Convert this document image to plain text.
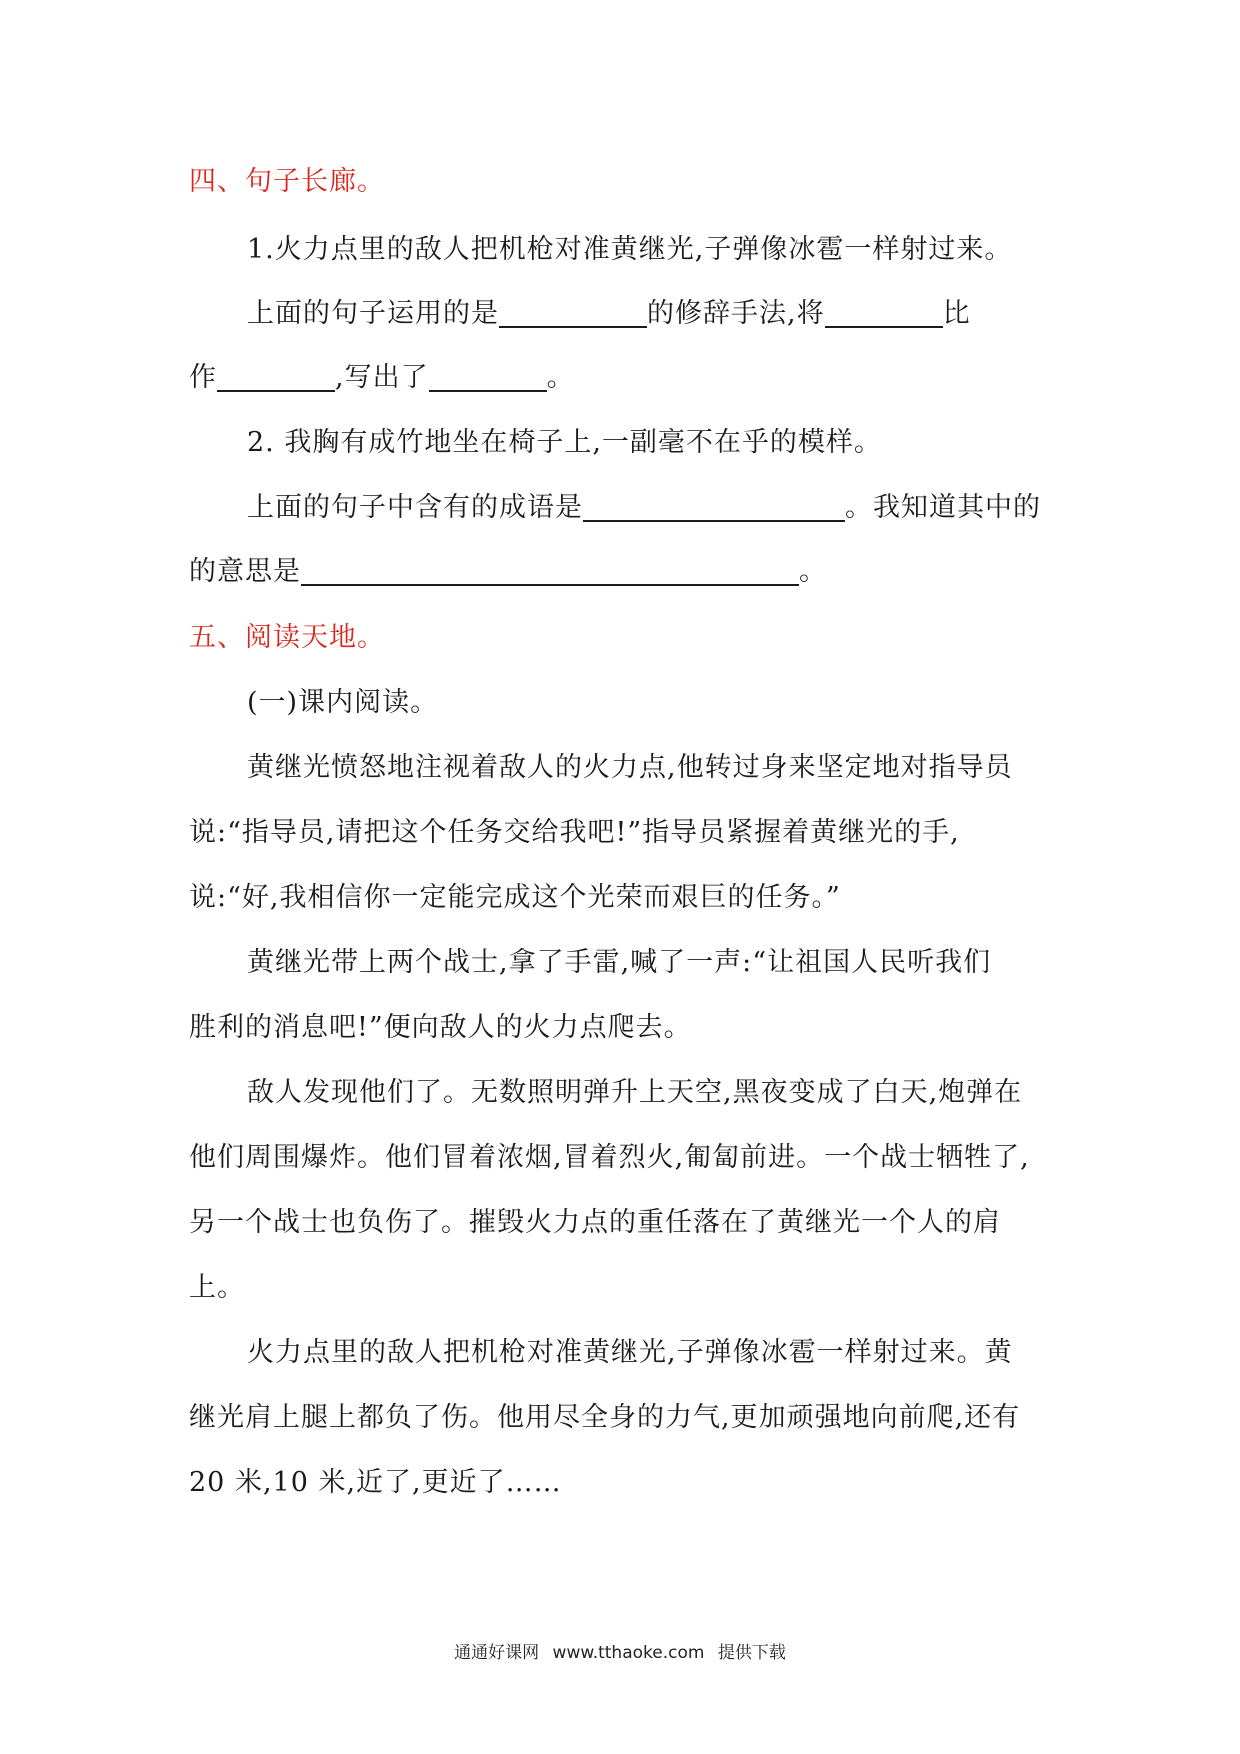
四、句子长廊。
1.火力点里的敌人把机枪对准黄继光,子弹像冰雹一样射过来。
上面的句子运用的是	的修辞手法,将	比
作	,写出了	。
2. 我胸有成竹地坐在椅子上,一副毫不在乎的模样。
上面的句子中含有的成语是	。我知道其中的
的意思是	。
五、阅读天地。
(一)课内阅读。
黄继光愤怒地注视着敌人的火力点,他转过身来坚定地对指导员
说:“指导员,请把这个任务交给我吧!”指导员紧握着黄继光的手,
说:“好,我相信你一定能完成这个光荣而艰巨的任务。”
黄继光带上两个战士,拿了手雷,喊了一声:“让祖国人民听我们
胜利的消息吧!”便向敌人的火力点爬去。
敌人发现他们了。无数照明弹升上天空,黑夜变成了白天,炮弹在
他们周围爆炸。他们冒着浓烟,冒着烈火,匍匐前进。一个战士牺牲了,
另一个战士也负伤了。摧毁火力点的重任落在了黄继光一个人的肩
上。
火力点里的敌人把机枪对准黄继光,子弹像冰雹一样射过来。黄
继光肩上腿上都负了伤。他用尽全身的力气,更加顽强地向前爬,还有
20 米,10 米,近了,更近了……
通通好课网 www.tthaoke.com 提供下载
